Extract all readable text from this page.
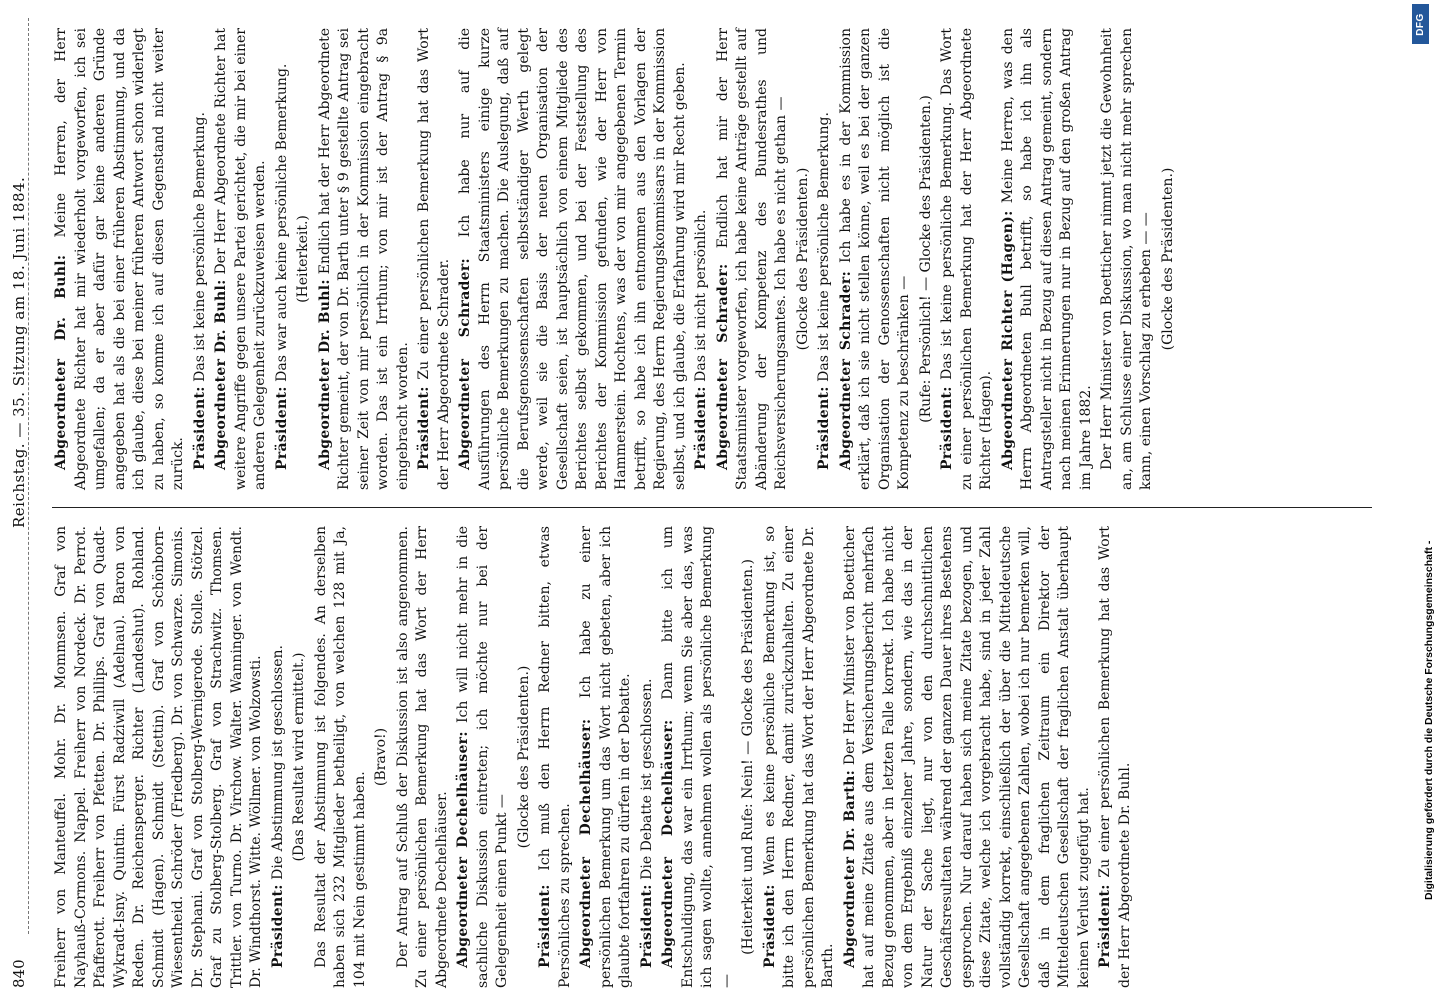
840
Reichstag. — 35. Sitzung am 18. Juni 1884.

Freiherr von Manteuffel. Mohr. Dr. Mommsen. Graf von Nayhauß-Cormons. Nappel. Freiherr von Nordeck. Dr. Perrot. Pfafferott. Freiherr von Pfetten. Dr. Phillips. Graf von Quadt-Wykradt-Isny. Quintin. Fürst Radziwill (Adelnau). Baron von Reden. Dr. Reichensperger. Richter (Landeshut). Rohland. Schmidt (Hagen). Schmidt (Stettin). Graf von Schönborn-Wiesentheid. Schröder (Friedberg). Dr. von Schwarze. Simonis. Dr. Stephani. Graf von Stolberg-Wernigerode. Stolle. Stötzel. Graf zu Stolberg-Stolberg. Graf von Strachwitz. Thomsen. Trittler. von Turno. Dr. Virchow. Walter. Wanninger. von Wendt. Dr. Windthorst. Witte. Wöllmer. von Wolzowsti. Präsident: Die Abstimmung ist geschlossen. (Das Resultat wird ermittelt.) Das Resultat der Abstimmung ist folgendes. An derselben haben sich 232 Mitglieder betheiligt, von welchen 128 mit Ja, 104 mit Nein gestimmt haben.

(Bravo!) Der Antrag auf Schluß der Diskussion ist also angenommen. Zu einer persönlichen Bemerkung hat das Wort der Herr Abgeordnete Dechelhäuser. Abgeordneter Dechelhäuser: Ich will nicht mehr in die sachliche Diskussion eintreten; ich möchte nur bei der Gelegenheit einen Punkt —

(Glocke des Präsidenten.)

Präsident: Ich muß den Herrn Redner bitten, etwas Persönliches zu sprechen. Abgeordneter Dechelhäuser: Ich habe zu einer persönlichen Bemerkung um das Wort nicht gebeten, aber ich glaubte fortfahren zu dürfen in der Debatte. Präsident: Die Debatte ist geschlossen. Abgeordneter Dechelhäuser: Dann bitte ich um Entschuldigung, das war ein Irrthum; wenn Sie aber das, was ich sagen wollte, annehmen wollen als persönliche Bemerkung —

(Heiterkeit und Rufe: Nein! — Glocke des Präsidenten.) Präsident: Wenn es keine persönliche Bemerkung ist, so bitte ich den Herrn Redner, damit zurückzuhalten. Zu einer persönlichen Bemerkung hat das Wort der Herr Abgeordnete Dr. Barth. Abgeordneter Dr. Barth: Der Herr Minister von Boetticher hat auf meine Zitate aus dem Versicherungsbericht mehrfach Bezug genommen, aber in letzten Falle korrekt. Ich habe nicht von dem Ergebniß einzelner Jahre, sondern, wie das in der Natur der Sache liegt, nur von den durchschnittlichen Geschäftsresultaten während der ganzen Dauer ihres Bestehens gesprochen. Nur darauf haben sich meine Zitate bezogen, und diese Zitate, welche ich vorgebracht habe, sind in jeder Zahl vollständig korrekt, einschließlich der über die Mitteldeutsche Gesellschaft angegebenen Zahlen, wobei ich nur bemerken will, daß in dem fraglichen Zeitraum ein Direktor der Mitteldeutschen Gesellschaft der fraglichen Anstalt überhaupt keinen Verlust zugefügt hat. Präsident: Zu einer persönlichen Bemerkung hat das Wort der Herr Abgeordnete Dr. Buhl.

Abgeordneter Dr. Buhl: Meine Herren, der Herr Abgeordnete Richter hat mir wiederholt vorgeworfen, ich sei umgefallen; da er aber dafür gar keine anderen Gründe angegeben hat als die bei einer früheren Abstimmung, und da ich glaube, diese bei meiner früheren Antwort schon widerlegt zu haben, so komme ich auf diesen Gegenstand nicht weiter zurück. Präsident: Das ist keine persönliche Bemerkung. Abgeordneter Dr. Buhl: Der Herr Abgeordnete Richter hat weitere Angriffe gegen unsere Partei gerichtet, die mir bei einer anderen Gelegenheit zurückzuweisen werden. Präsident: Das war auch keine persönliche Bemerkung. (Heiterkeit.)

Abgeordneter Dr. Buhl: Endlich hat der Herr Abgeordnete Richter gemeint, der von Dr. Barth unter § 9 gestellte Antrag sei seiner Zeit von mir persönlich in der Kommission eingebracht worden. Das ist ein Irrthum; von mir ist der Antrag § 9a eingebracht worden. Präsident: Zu einer persönlichen Bemerkung hat das Wort der Herr Abgeordnete Schrader. Abgeordneter Schrader: Ich habe nur auf die Ausführungen des Herrn Staatsministers einige kurze persönliche Bemerkungen zu machen. Die Auslegung, daß auf die Berufsgenossenschaften selbstständiger Werth gelegt werde, weil sie die Basis der neuen Organisation der Gesellschaft seien, ist hauptsächlich von einem Mitgliede des Berichtes selbst gekommen, und bei der Feststellung des Berichtes der Kommission gefunden, wie der Herr von Hammerstein. Hochtens, was der von mir angegebenen Termin betrifft, so habe ich ihn entnommen aus den Vorlagen der Regierung, des Herrn Regierungskommissars in der Kommission selbst, und ich glaube, die Erfahrung wird mir Recht geben. Präsident: Das ist nicht persönlich. Abgeordneter Schrader: Endlich hat mir der Herr Staatsminister vorgeworfen, ich habe keine Anträge gestellt auf Abänderung der Kompetenz des Bundesrathes und Reichsversicherungsamtes. Ich habe es nicht gethan — (Glocke des Präsidenten.)

Präsident: Das ist keine persönliche Bemerkung. Abgeordneter Schrader: Ich habe es in der Kommission erklärt, daß ich sie nicht stellen könne, weil es bei der ganzen Organisation der Genossenschaften nicht möglich ist die Kompetenz zu beschränken — (Rufe: Persönlich! — Glocke des Präsidenten.)

Präsident: Das ist keine persönliche Bemerkung. Das Wort zu einer persönlichen Bemerkung hat der Herr Abgeordnete Richter (Hagen). Abgeordneter Richter (Hagen): Meine Herren, was den Herrn Abgeordneten Buhl betrifft, so habe ich ihn als Antragsteller nicht in Bezug auf diesen Antrag gemeint, sondern nach meinen Erinnerungen nur in Bezug auf den großen Antrag im Jahre 1882. Der Herr Minister von Boetticher nimmt jetzt die Gewohnheit an, am Schlusse einer Diskussion, wo man nicht mehr sprechen kann, einen Vorschlag zu erheben — — (Glocke des Präsidenten.)

DFG
Digitalisierung gefördert durch die Deutsche Forschungsgemeinschaft -
